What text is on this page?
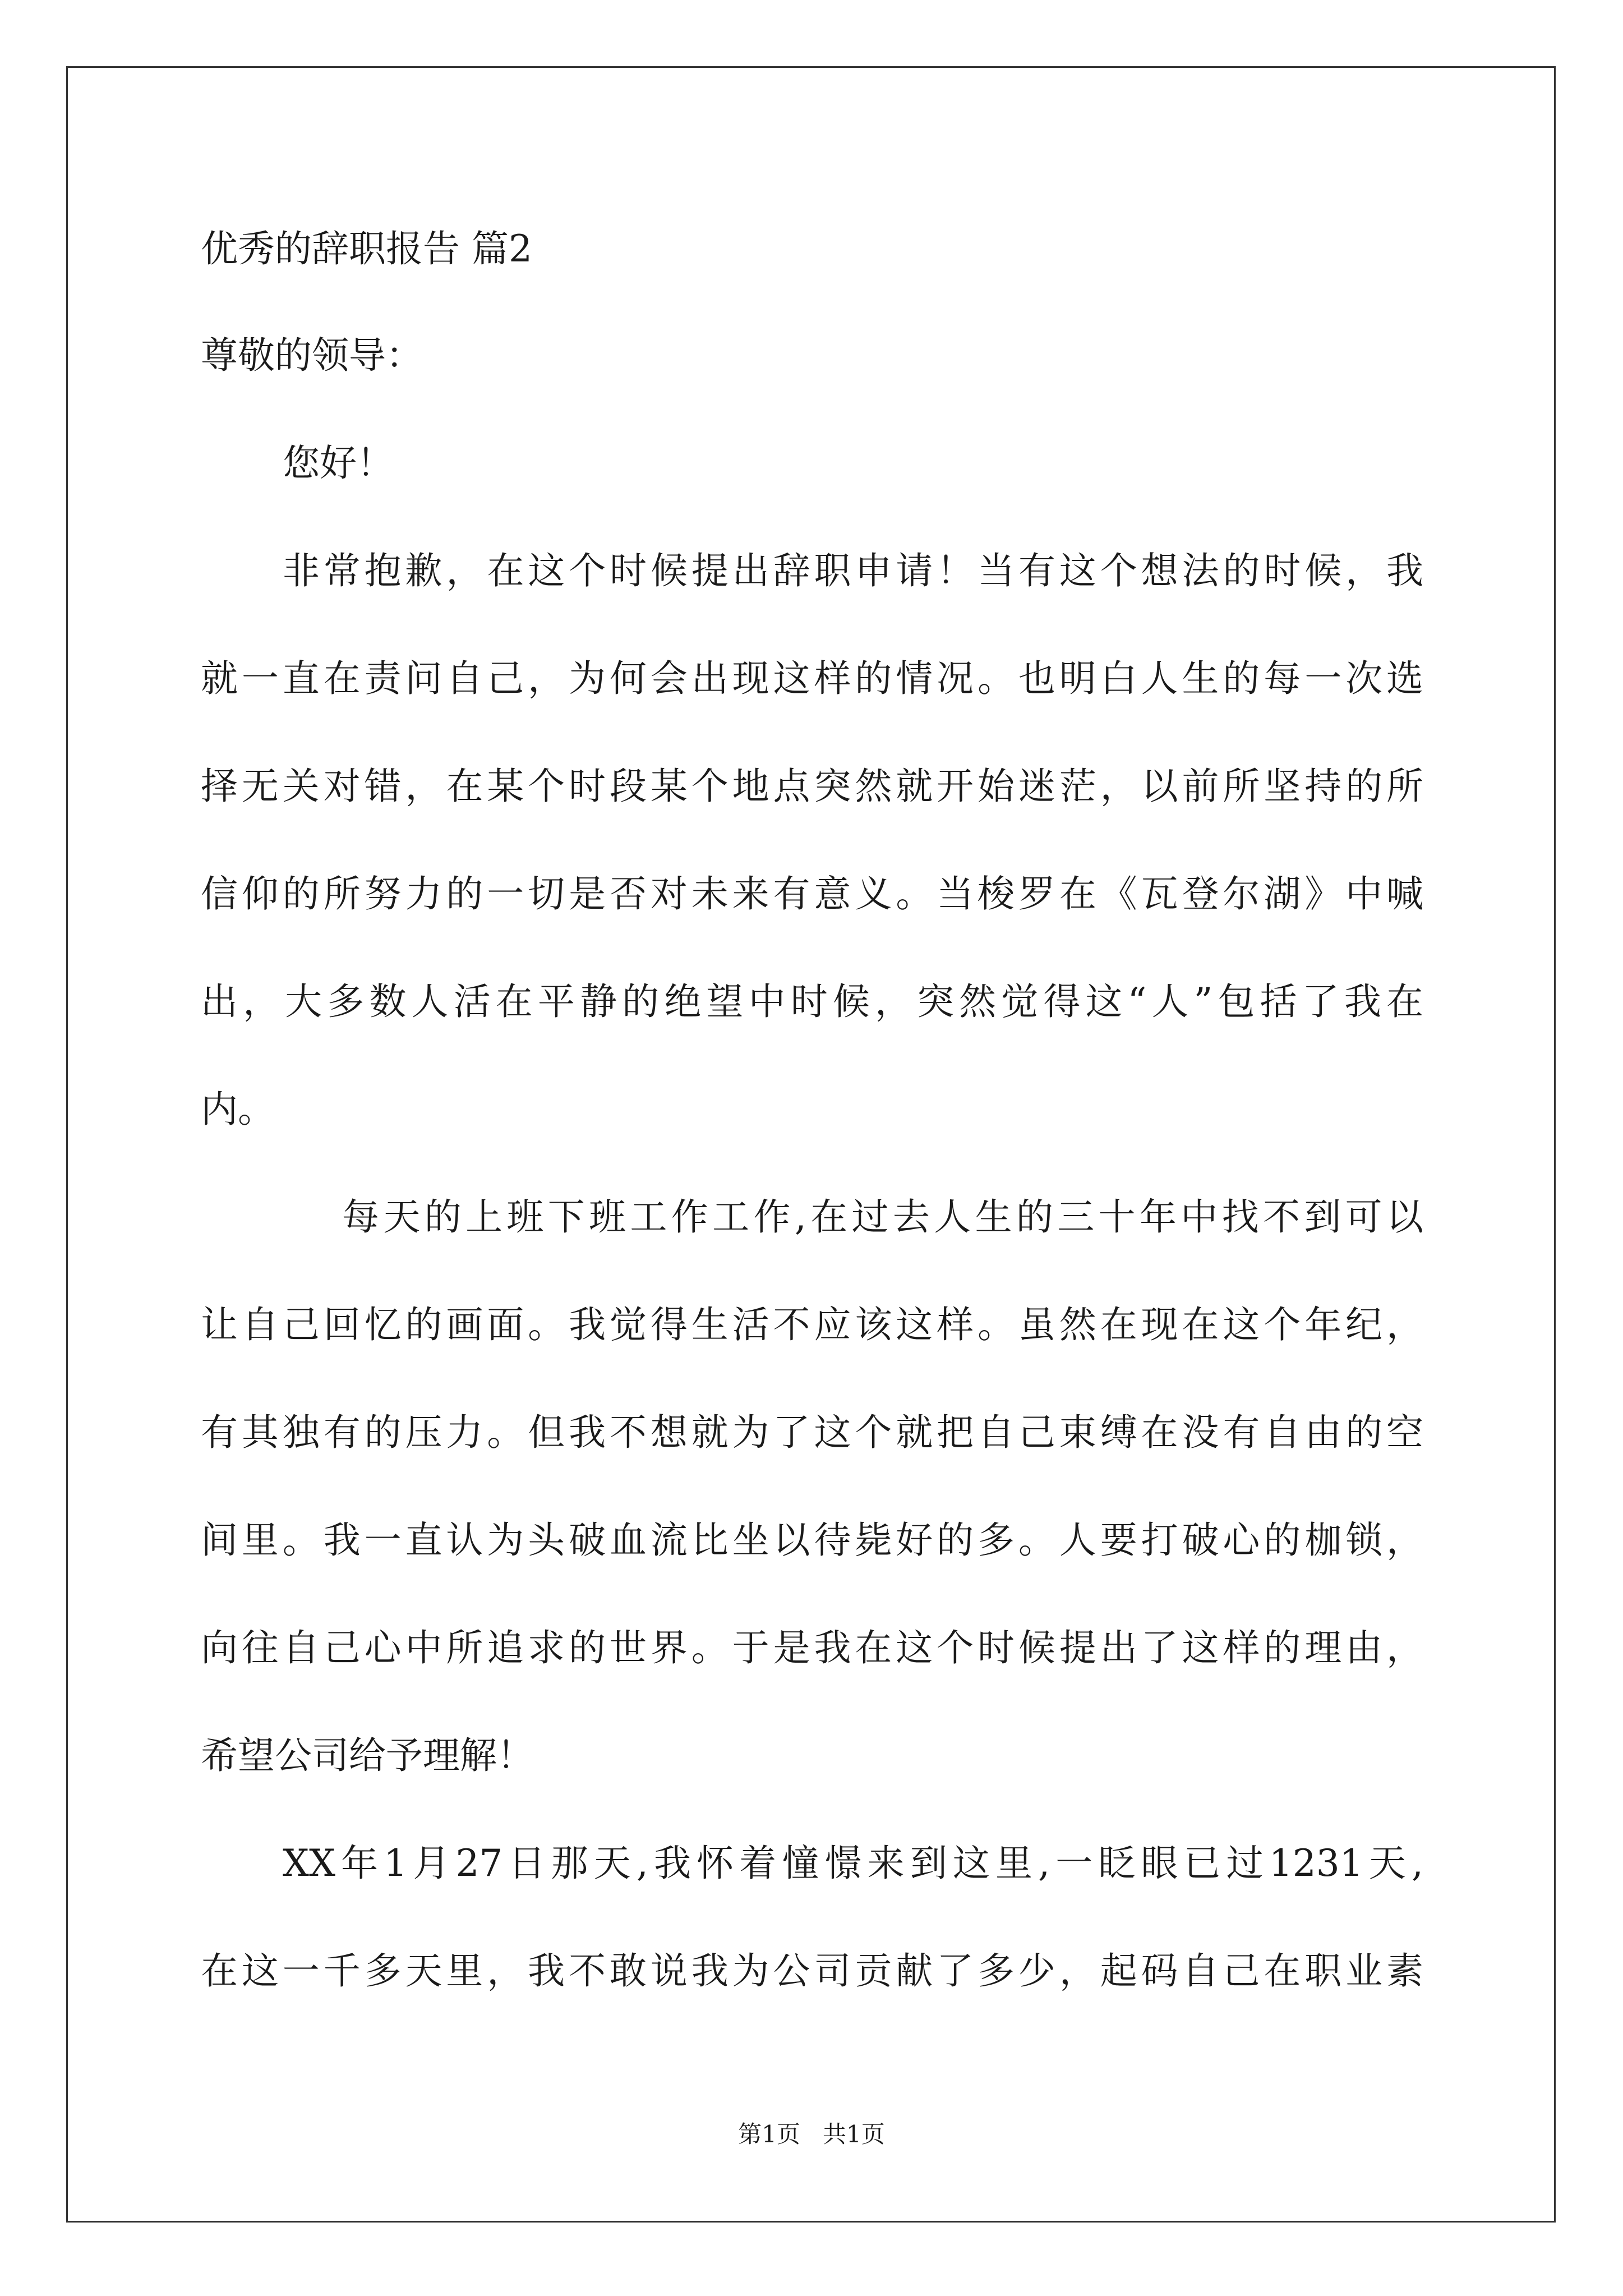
优秀的辞职报告 篇2
尊敬的领导：
您好！
非常抱歉，在这个时候提出辞职申请！当有这个想法的时候，我
就一直在责问自己，为何会出现这样的情况。也明白人生的每一次选
择无关对错，在某个时段某个地点突然就开始迷茫，以前所坚持的所
信仰的所努力的一切是否对未来有意义。当梭罗在《瓦登尔湖》中喊
出，大多数人活在平静的绝望中时候，突然觉得这“人”包括了我在
内。
每天的上班下班工作工作,在过去人生的三十年中找不到可以
让自己回忆的画面。我觉得生活不应该这样。虽然在现在这个年纪，
有其独有的压力。但我不想就为了这个就把自己束缚在没有自由的空
间里。我一直认为头破血流比坐以待毙好的多。人要打破心的枷锁，
向往自己心中所追求的世界。于是我在这个时候提出了这样的理由，
希望公司给予理解！
XX年1月27日那天,我怀着憧憬来到这里,一眨眼已过1231天,
在这一千多天里，我不敢说我为公司贡献了多少，起码自己在职业素
第1页   共1页
